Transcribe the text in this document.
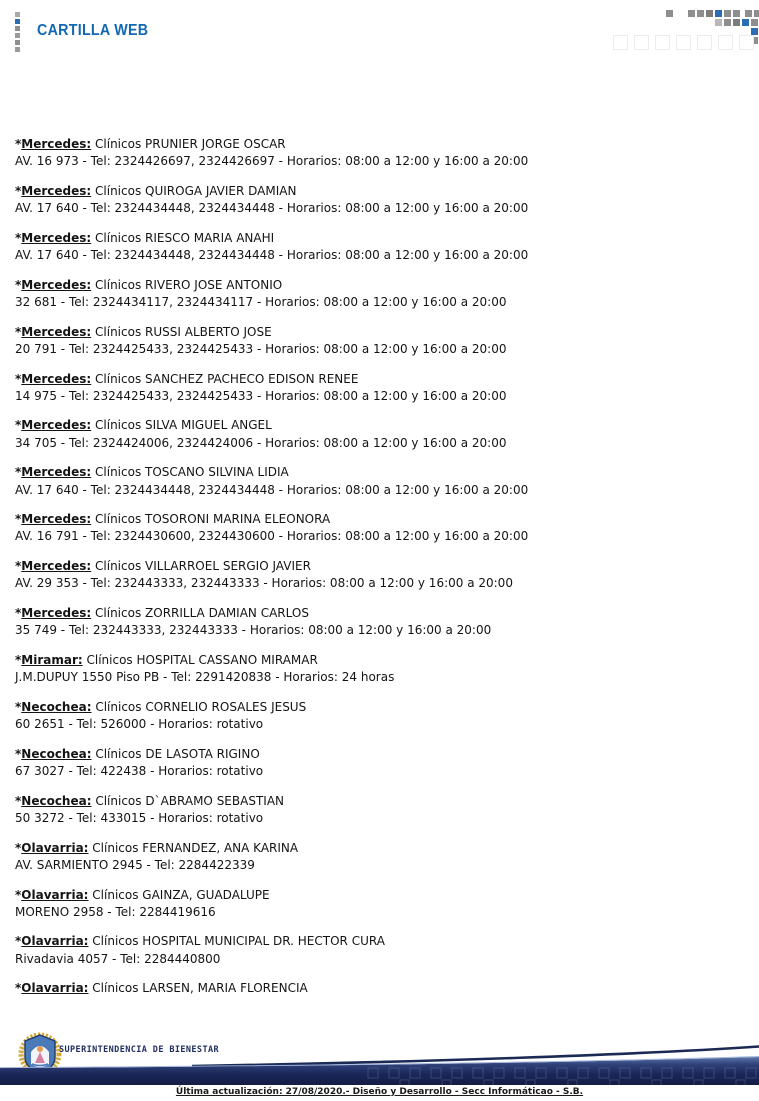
CARTILLA WEB
*Mercedes: Clínicos PRUNIER JORGE OSCAR
AV. 16 973 - Tel: 2324426697, 2324426697 - Horarios: 08:00 a 12:00 y 16:00 a 20:00
*Mercedes: Clínicos QUIROGA JAVIER DAMIAN
AV. 17 640 - Tel: 2324434448, 2324434448 - Horarios: 08:00 a 12:00 y 16:00 a 20:00
*Mercedes: Clínicos RIESCO MARIA ANAHI
AV. 17 640 - Tel: 2324434448, 2324434448 - Horarios: 08:00 a 12:00 y 16:00 a 20:00
*Mercedes: Clínicos RIVERO JOSE ANTONIO
32 681 - Tel: 2324434117, 2324434117 - Horarios: 08:00 a 12:00 y 16:00 a 20:00
*Mercedes: Clínicos RUSSI ALBERTO JOSE
20 791 - Tel: 2324425433, 2324425433 - Horarios: 08:00 a 12:00 y 16:00 a 20:00
*Mercedes: Clínicos SANCHEZ PACHECO EDISON RENEE
14 975 - Tel: 2324425433, 2324425433 - Horarios: 08:00 a 12:00 y 16:00 a 20:00
*Mercedes: Clínicos SILVA MIGUEL ANGEL
34 705 - Tel: 2324424006, 2324424006 - Horarios: 08:00 a 12:00 y 16:00 a 20:00
*Mercedes: Clínicos TOSCANO SILVINA LIDIA
AV. 17 640 - Tel: 2324434448, 2324434448 - Horarios: 08:00 a 12:00 y 16:00 a 20:00
*Mercedes: Clínicos TOSORONI MARINA ELEONORA
AV. 16 791 - Tel: 2324430600, 2324430600 - Horarios: 08:00 a 12:00 y 16:00 a 20:00
*Mercedes: Clínicos VILLARROEL SERGIO JAVIER
AV. 29 353 - Tel: 232443333, 232443333 - Horarios: 08:00 a 12:00 y 16:00 a 20:00
*Mercedes: Clínicos ZORRILLA DAMIAN CARLOS
35 749 - Tel: 232443333, 232443333 - Horarios: 08:00 a 12:00 y 16:00 a 20:00
*Miramar: Clínicos HOSPITAL CASSANO MIRAMAR
J.M.DUPUY 1550 Piso PB - Tel: 2291420838 - Horarios: 24 horas
*Necochea: Clínicos CORNELIO ROSALES JESUS
60 2651 - Tel: 526000 - Horarios: rotativo
*Necochea: Clínicos DE LASOTA RIGINO
67 3027 - Tel: 422438 - Horarios: rotativo
*Necochea: Clínicos D`ABRAMO SEBASTIAN
50 3272 - Tel: 433015 - Horarios: rotativo
*Olavarria: Clínicos FERNANDEZ, ANA KARINA
AV. SARMIENTO 2945 - Tel: 2284422339
*Olavarria: Clínicos GAINZA, GUADALUPE
MORENO 2958 - Tel: 2284419616
*Olavarria: Clínicos HOSPITAL MUNICIPAL DR. HECTOR CURA
Rivadavia 4057 - Tel: 2284440800
*Olavarria: Clínicos LARSEN, MARIA FLORENCIA
SUPERINTENDENCIA DE BIENESTAR
Última actualización: 27/08/2020.- Diseño y Desarrollo - Secc Informáticao - S.B.
